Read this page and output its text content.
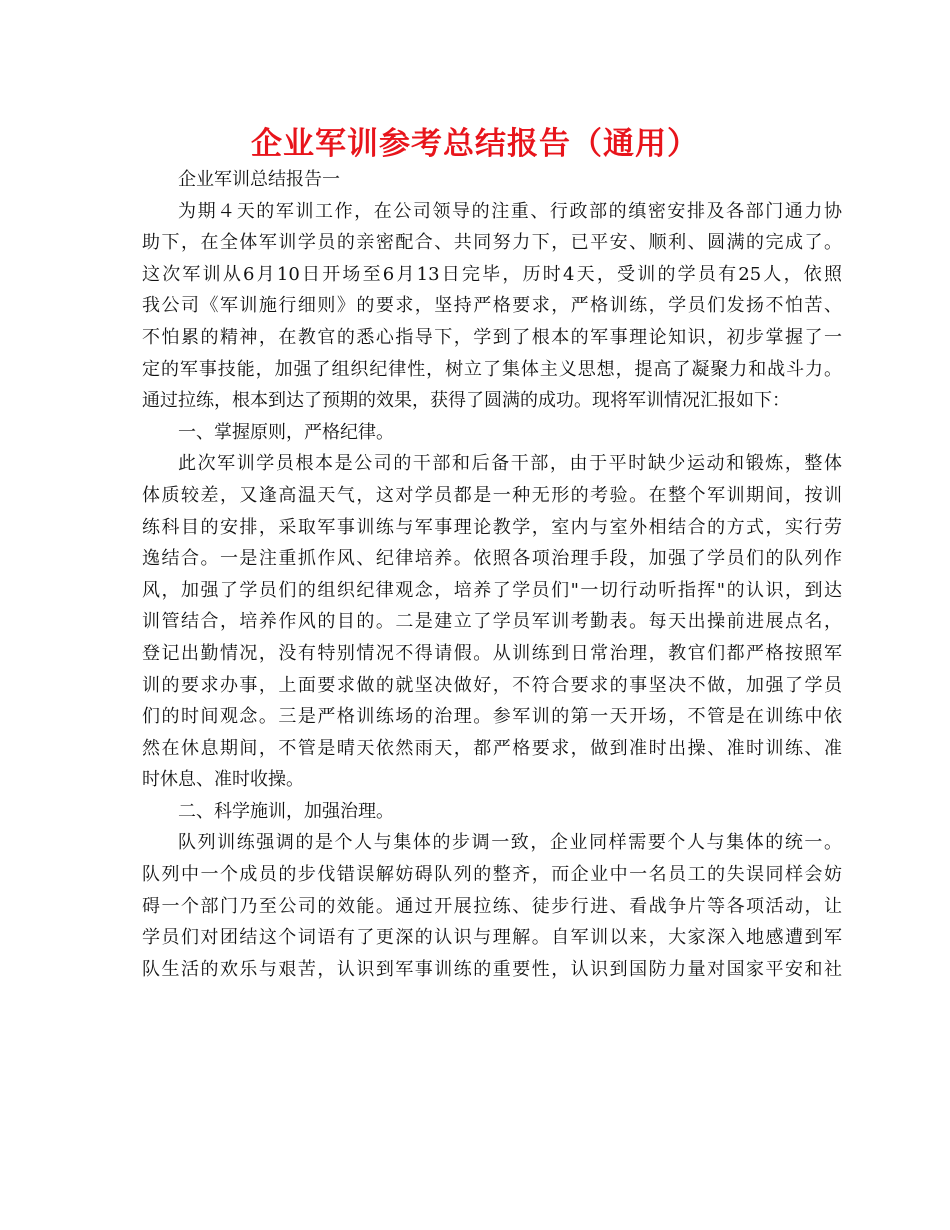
企业军训参考总结报告（通用）
企业军训总结报告一
为期４天的军训工作，在公司领导的注重、行政部的缜密安排及各部门通力协
助下，在全体军训学员的亲密配合、共同努力下，已平安、顺利、圆满的完成了。
这次军训从6月10日开场至6月13日完毕，历时4天，受训的学员有25人，依照
我公司《军训施行细则》的要求，坚持严格要求，严格训练，学员们发扬不怕苦、
不怕累的精神，在教官的悉心指导下，学到了根本的军事理论知识，初步掌握了一
定的军事技能，加强了组织纪律性，树立了集体主义思想，提高了凝聚力和战斗力。
通过拉练，根本到达了预期的效果，获得了圆满的成功。现将军训情况汇报如下：
一、掌握原则，严格纪律。
此次军训学员根本是公司的干部和后备干部，由于平时缺少运动和锻炼，整体
体质较差，又逢高温天气，这对学员都是一种无形的考验。在整个军训期间，按训
练科目的安排，采取军事训练与军事理论教学，室内与室外相结合的方式，实行劳
逸结合。一是注重抓作风、纪律培养。依照各项治理手段，加强了学员们的队列作
风，加强了学员们的组织纪律观念，培养了学员们"一切行动听指挥"的认识，到达
训管结合，培养作风的目的。二是建立了学员军训考勤表。每天出操前进展点名，
登记出勤情况，没有特别情况不得请假。从训练到日常治理，教官们都严格按照军
训的要求办事，上面要求做的就坚决做好，不符合要求的事坚决不做，加强了学员
们的时间观念。三是严格训练场的治理。参军训的第一天开场，不管是在训练中依
然在休息期间，不管是晴天依然雨天，都严格要求，做到准时出操、准时训练、准
时休息、准时收操。
二、科学施训，加强治理。
队列训练强调的是个人与集体的步调一致，企业同样需要个人与集体的统一。
队列中一个成员的步伐错误解妨碍队列的整齐，而企业中一名员工的失误同样会妨
碍一个部门乃至公司的效能。通过开展拉练、徒步行进、看战争片等各项活动，让
学员们对团结这个词语有了更深的认识与理解。自军训以来，大家深入地感遭到军
队生活的欢乐与艰苦，认识到军事训练的重要性，认识到国防力量对国家平安和社
